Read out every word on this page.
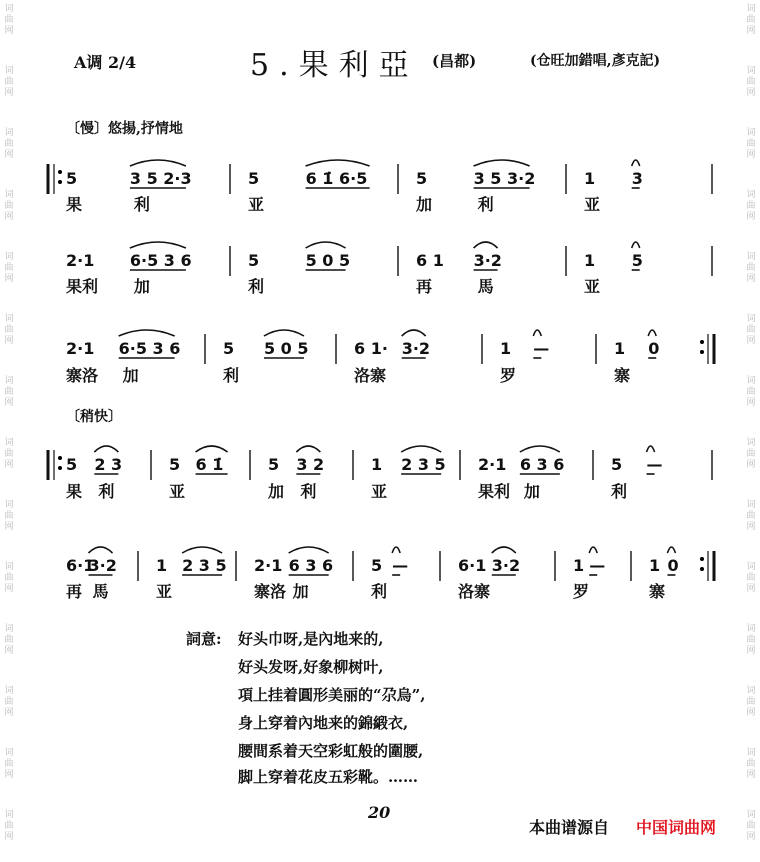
词
曲
网
词
曲
网
词
曲
网
词
曲
网
词
曲
网
词
曲
网
词
曲
网
词
曲
网
词
曲
网
词
曲
网
词
曲
网
词
曲
网
词
曲
网
词
曲
网
词
曲
网
词
曲
网
词
曲
网
词
曲
网
词
曲
网
词
曲
网
词
曲
网
词
曲
网
词
曲
网
词
曲
网
词
曲
网
词
曲
网
词
曲
网
词
曲
网
A调 2/4	5.果利亞 (昌都)	(仓旺加錯唱,彥克記)
〔慢〕悠揚,抒情地
〔稍快〕
5	3 5 2·3
果	利
5	6 1̇ 6·5
亚
5	3 5 3·2
加	利
1 3
亚
2·1 6·5 3 6
果利 加
5	5 0 5
利
6 1 3·2
再	馬
1 5
亚
2·1 6·5 3 6
寨洛 加
5 5 0 5
利
6 1· 3·2
洛寨
1 —
罗
1 0
寨
5 2 3
果 利
5 6 1̇
亚
5 3 2
加 利
1 2 3 5
亚
2·1 6 3 6
果利 加
5 —
利
6·1
3·2
再 馬
1 2 3 5
亚
2·1 6 3 6
寨洛 加
5 —
利
6·1 3·2
洛寨
1 —
罗
1 0
寨
詞意: 好头巾呀,是內地来的,
好头发呀,好象柳树叶,
項上挂着圓形美丽的“尕烏”,
身上穿着內地来的錦緞衣,
腰間系着天空彩虹般的圍腰,
脚上穿着花皮五彩靴。……
20
本曲谱源自 中国词曲网
